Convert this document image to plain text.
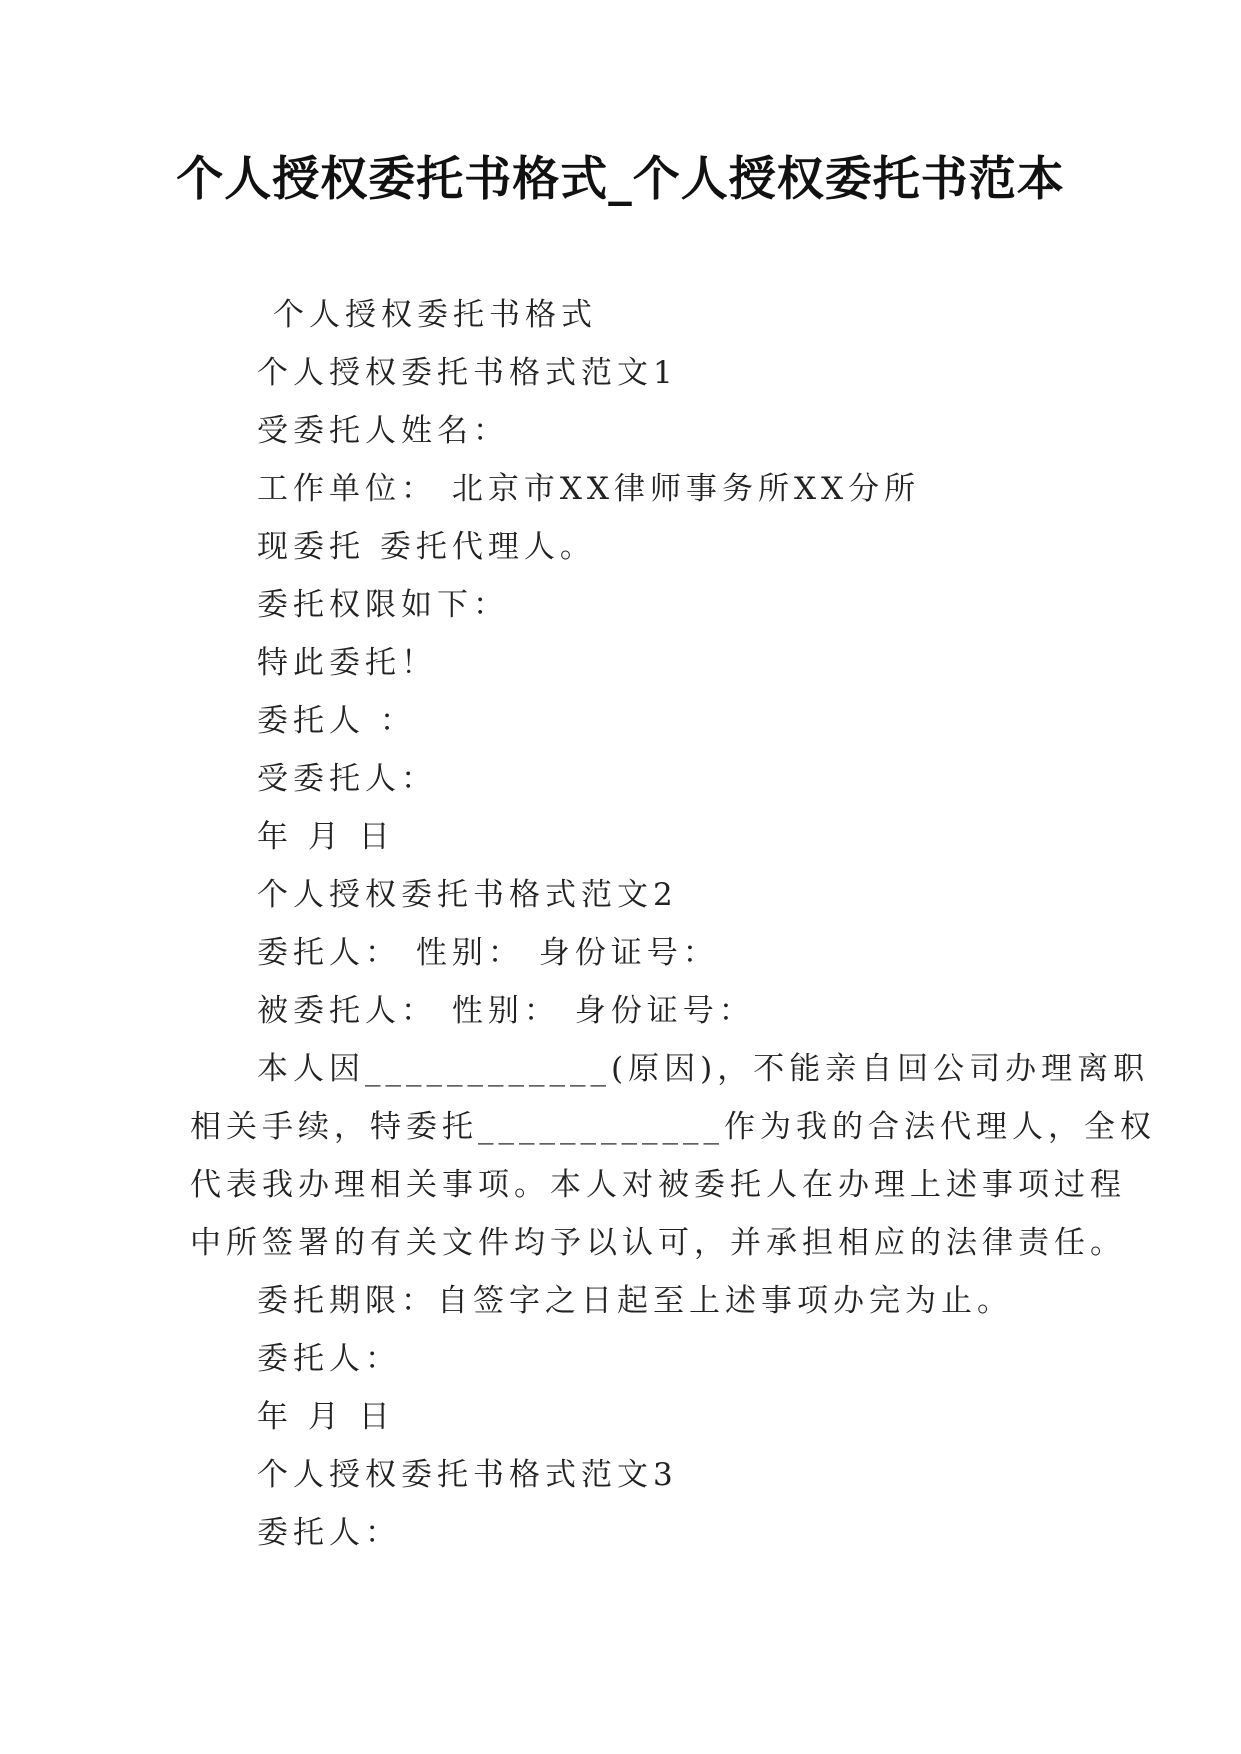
个人授权委托书格式_个人授权委托书范本
个人授权委托书格式
个人授权委托书格式范文1
受委托人姓名：
工作单位： 北京市XX律师事务所XX分所
现委托 委托代理人。
委托权限如下：
特此委托！
委托人 ：
受委托人：
年 月 日
个人授权委托书格式范文2
委托人： 性别： 身份证号：
被委托人： 性别： 身份证号：
本人因____________(原因)，不能亲自回公司办理离职
相关手续，特委托____________作为我的合法代理人，全权
代表我办理相关事项。本人对被委托人在办理上述事项过程
中所签署的有关文件均予以认可，并承担相应的法律责任。
委托期限：自签字之日起至上述事项办完为止。
委托人：
年 月 日
个人授权委托书格式范文3
委托人：
